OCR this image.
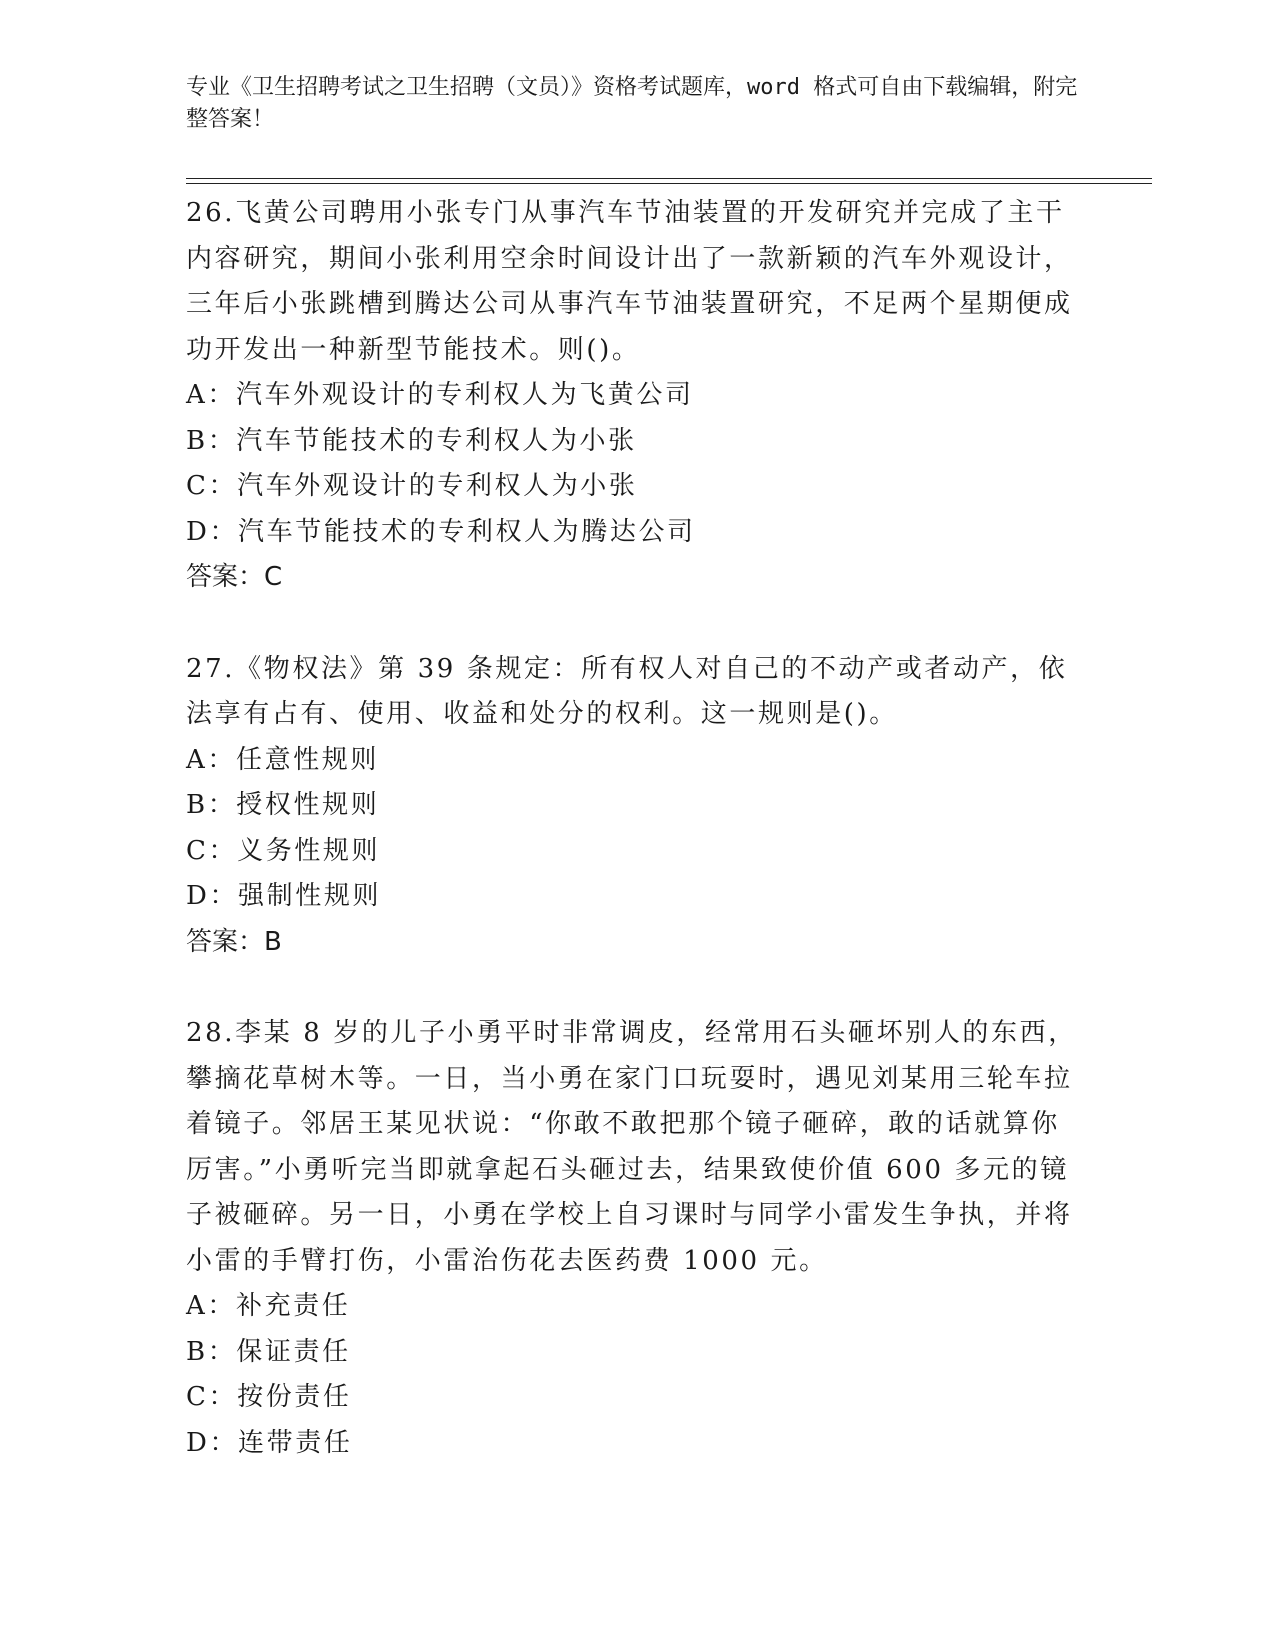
专业《卫生招聘考试之卫生招聘（文员）》资格考试题库，word 格式可自由下载编辑，附完整答案！

26.飞黄公司聘用小张专门从事汽车节油装置的开发研究并完成了主干内容研究，期间小张利用空余时间设计出了一款新颖的汽车外观设计，三年后小张跳槽到腾达公司从事汽车节油装置研究，不足两个星期便成功开发出一种新型节能技术。则()。

A：汽车外观设计的专利权人为飞黄公司

B：汽车节能技术的专利权人为小张

C：汽车外观设计的专利权人为小张

D：汽车节能技术的专利权人为腾达公司

答案：C

27.《物权法》第 39 条规定：所有权人对自己的不动产或者动产，依法享有占有、使用、收益和处分的权利。这一规则是()。

A：任意性规则

B：授权性规则

C：义务性规则

D：强制性规则

答案：B

28.李某 8 岁的儿子小勇平时非常调皮，经常用石头砸坏别人的东西，攀摘花草树木等。一日，当小勇在家门口玩耍时，遇见刘某用三轮车拉着镜子。邻居王某见状说：“你敢不敢把那个镜子砸碎，敢的话就算你厉害。”小勇听完当即就拿起石头砸过去，结果致使价值 600 多元的镜子被砸碎。另一日，小勇在学校上自习课时与同学小雷发生争执，并将小雷的手臂打伤，小雷治伤花去医药费 1000 元。

A：补充责任

B：保证责任

C：按份责任

D：连带责任
